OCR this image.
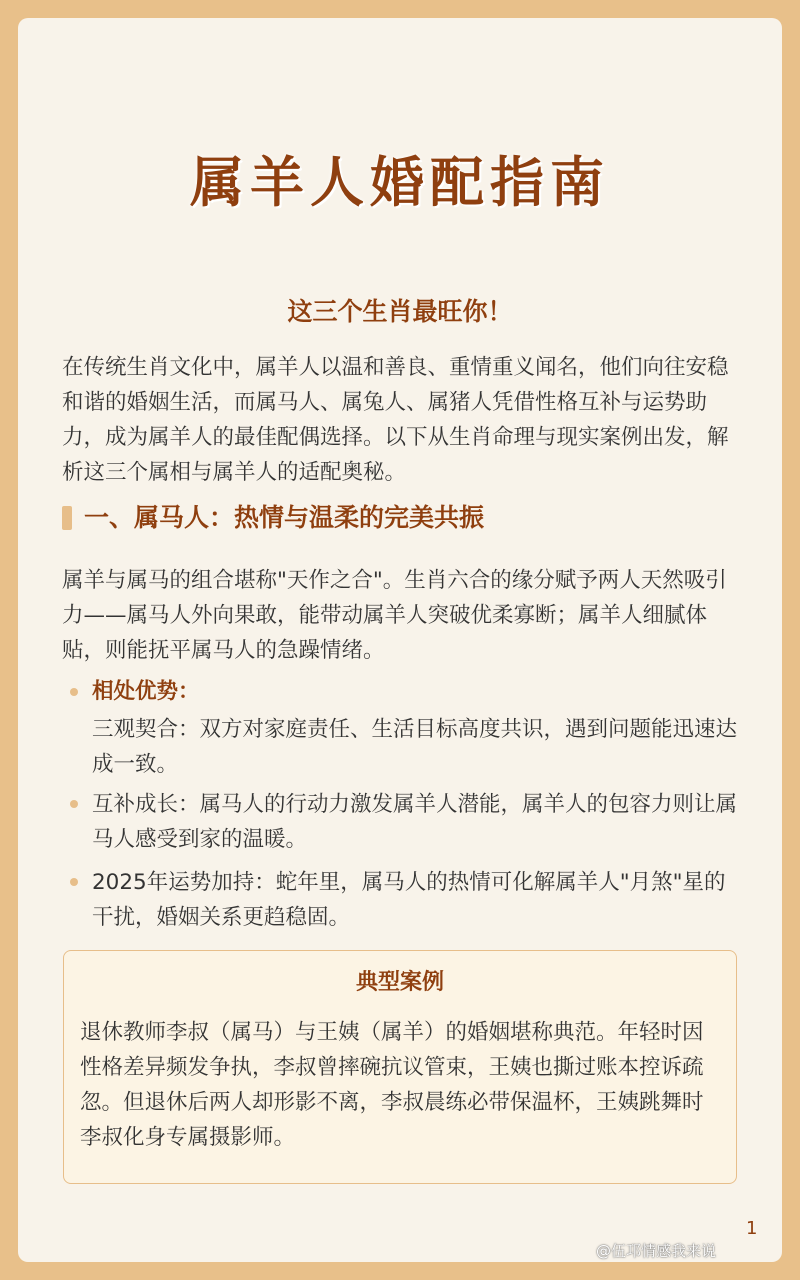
属羊人婚配指南
这三个生肖最旺你！
在传统生肖文化中，属羊人以温和善良、重情重义闻名，他们向往安稳和谐的婚姻生活，而属马人、属兔人、属猪人凭借性格互补与运势助力，成为属羊人的最佳配偶选择。以下从生肖命理与现实案例出发，解析这三个属相与属羊人的适配奥秘。
一、属马人：热情与温柔的完美共振
属羊与属马的组合堪称"天作之合"。生肖六合的缘分赋予两人天然吸引力——属马人外向果敢，能带动属羊人突破优柔寡断；属羊人细腻体贴，则能抚平属马人的急躁情绪。
相处优势：
三观契合：双方对家庭责任、生活目标高度共识，遇到问题能迅速达成一致。
互补成长：属马人的行动力激发属羊人潜能，属羊人的包容力则让属马人感受到家的温暖。
2025年运势加持：蛇年里，属马人的热情可化解属羊人"月煞"星的干扰，婚姻关系更趋稳固。
典型案例
退休教师李叔（属马）与王姨（属羊）的婚姻堪称典范。年轻时因性格差异频发争执，李叔曾摔碗抗议管束，王姨也撕过账本控诉疏忽。但退休后两人却形影不离，李叔晨练必带保温杯，王姨跳舞时李叔化身专属摄影师。
1
@伍邛情感我来说
